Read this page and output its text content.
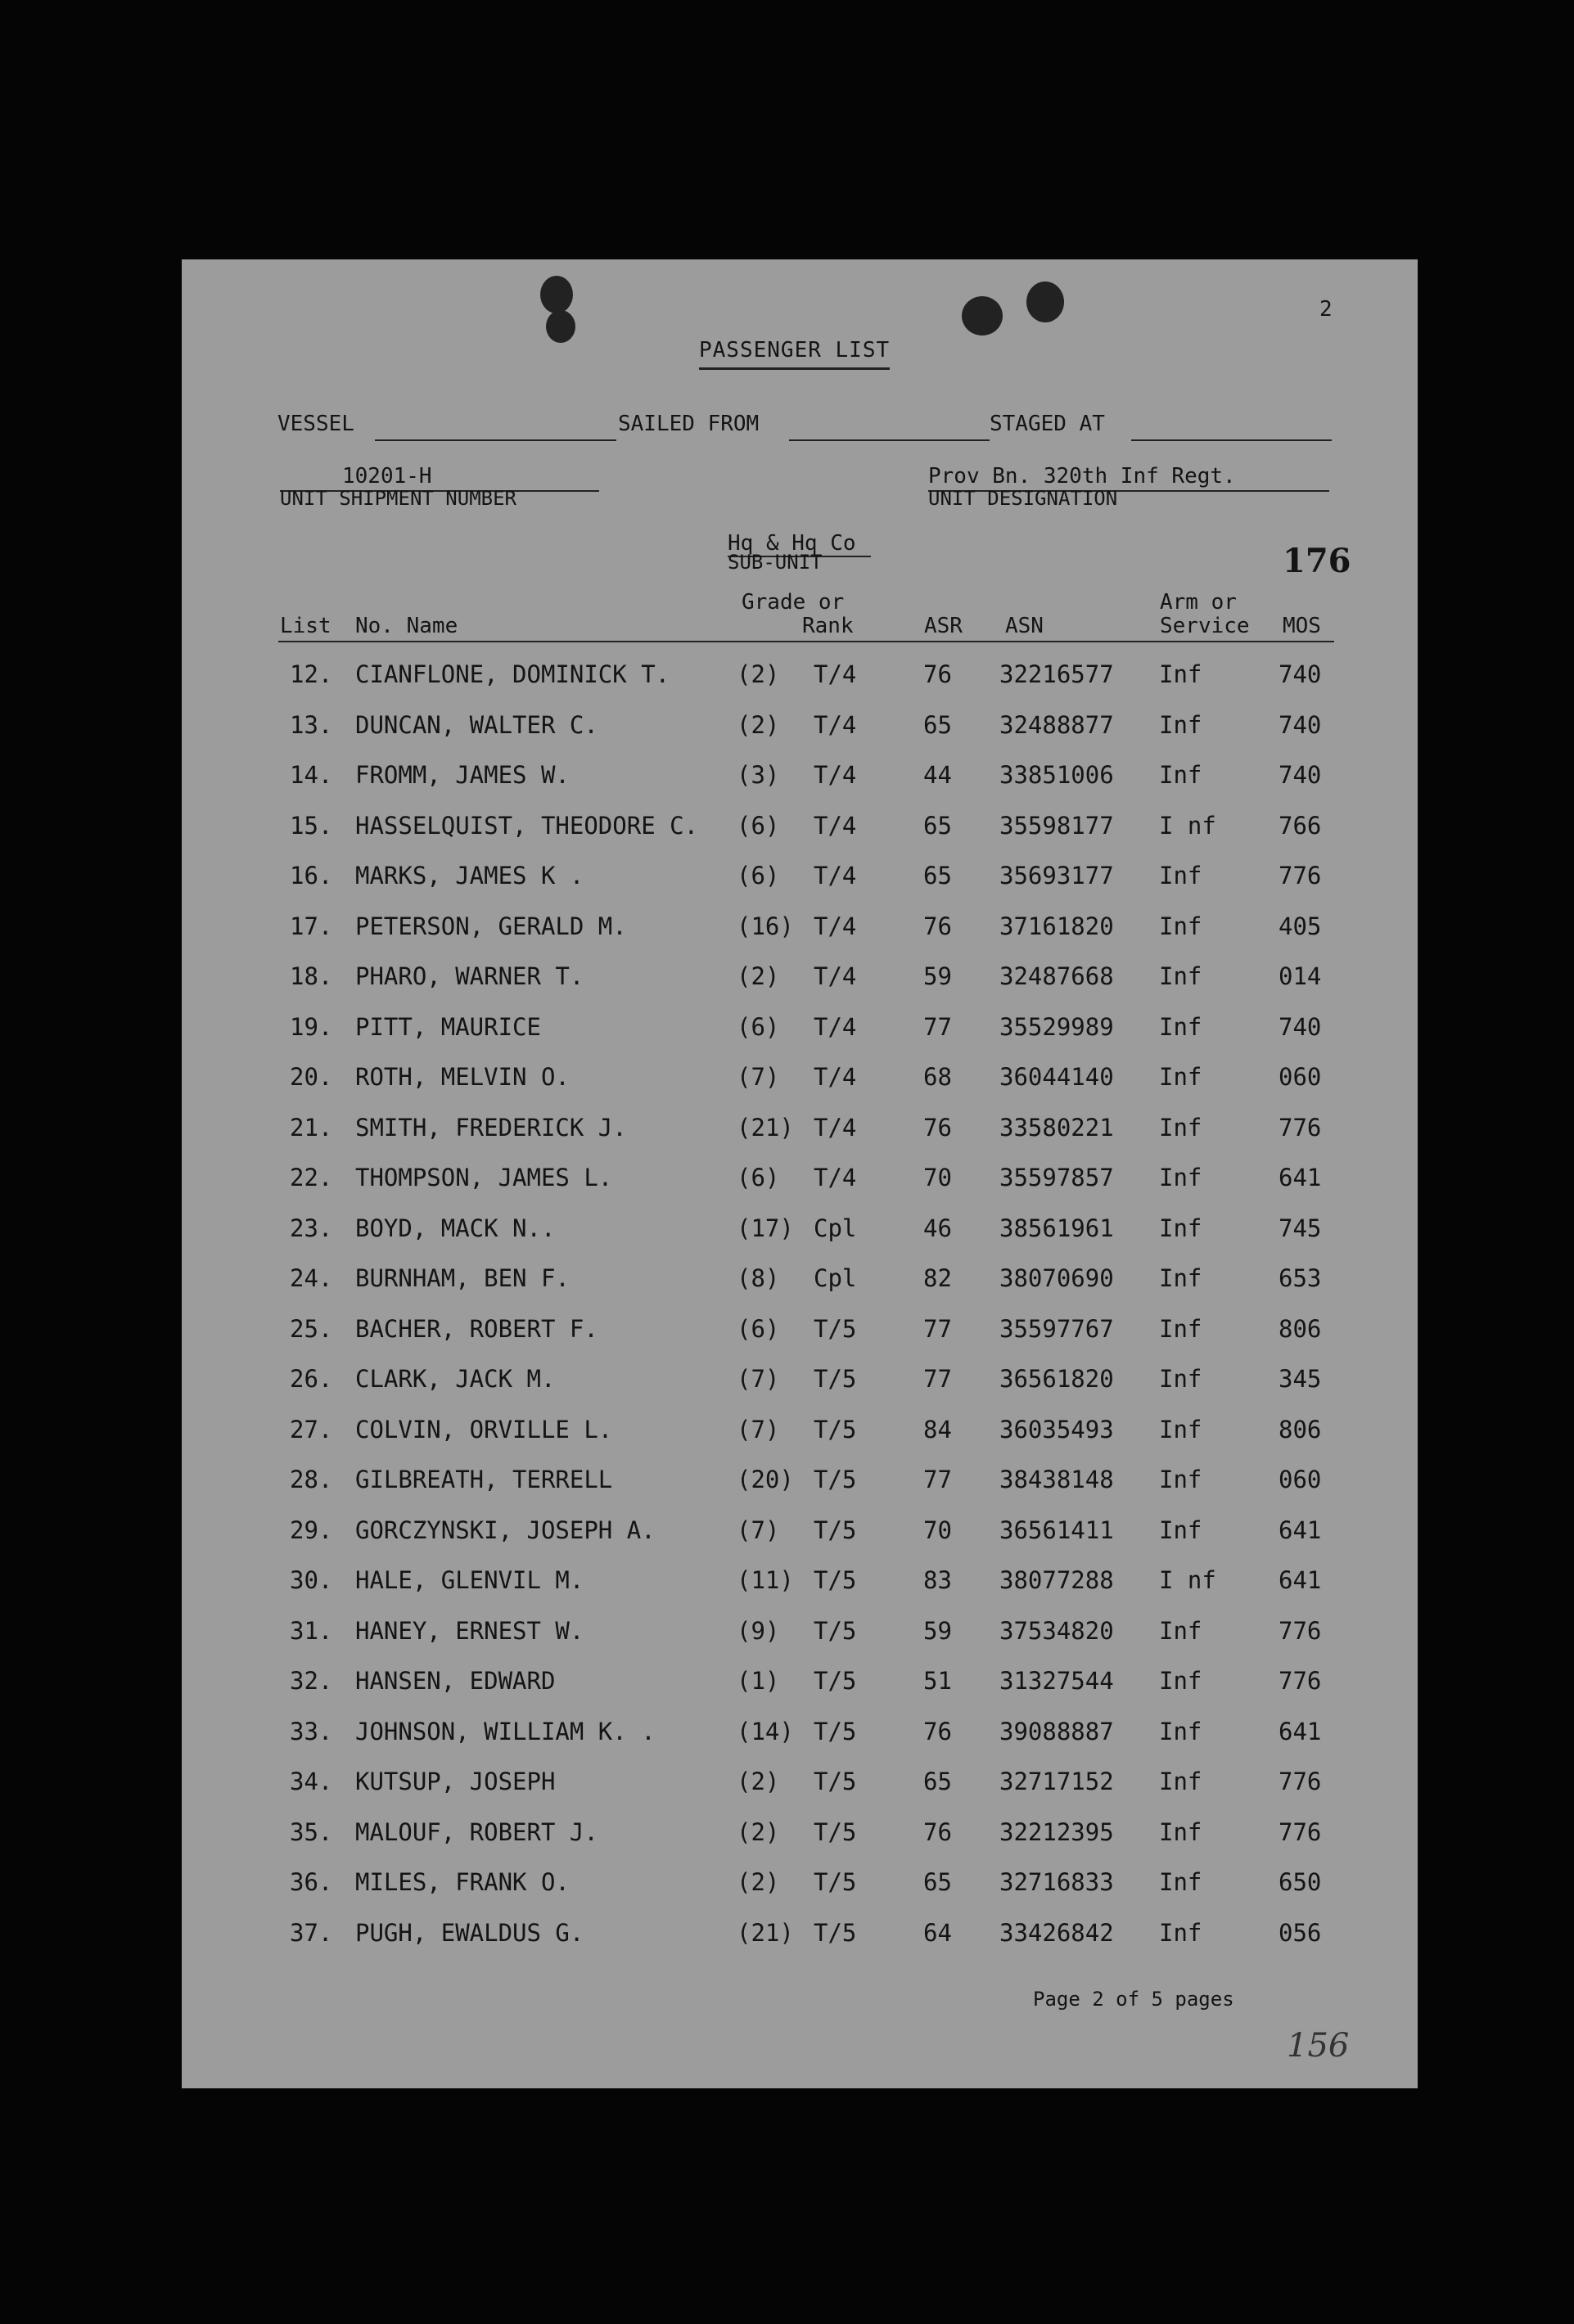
2
PASSENGER LIST
VESSEL	SAILED FROM	STAGED AT
10201-H
UNIT SHIPMENT NUMBER
Prov Bn. 320th Inf Regt.
UNIT DESIGNATION
Hq & Hq Co
SUB-UNIT	176
Grade or
Rank
Arm or
List No. Name	ASR ASN	Service MOS
12. CIANFLONE, DOMINICK T.	(2) T/4	76 32216577 Inf	740
13. DUNCAN, WALTER C.	(2) T/4	65 32488877 Inf	740
14. FROMM, JAMES W.	(3) T/4	44 33851006 Inf	740
15. HASSELQUIST, THEODORE C. (6) T/4	65 35598177 I nf	766
16. MARKS, JAMES K .	(6) T/4	65 35693177 Inf	776
17. PETERSON, GERALD M.	(16) T/4	76 37161820 Inf	405
18. PHARO, WARNER T.	(2) T/4	59 32487668 Inf	014
19. PITT, MAURICE	(6) T/4	77 35529989 Inf	740
20. ROTH, MELVIN O.	(7) T/4	68 36044140 Inf	060
21. SMITH, FREDERICK J.	(21) T/4	76 33580221 Inf	776
22. THOMPSON, JAMES L.	(6) T/4	70 35597857 Inf	641
23. BOYD, MACK N..	(17) Cpl	46 38561961 Inf	745
24. BURNHAM, BEN F.	(8) Cpl	82 38070690 Inf	653
25. BACHER, ROBERT F.	(6) T/5	77 35597767 Inf	806
26. CLARK, JACK M.	(7) T/5	77 36561820 Inf	345
27. COLVIN, ORVILLE L.	(7) T/5	84 36035493 Inf	806
28. GILBREATH, TERRELL	(20) T/5	77 38438148 Inf	060
29. GORCZYNSKI, JOSEPH A.	(7) T/5	70 36561411 Inf	641
30. HALE, GLENVIL M.	(11) T/5	83 38077288 I nf	641
31. HANEY, ERNEST W.	(9) T/5	59 37534820 Inf	776
32. HANSEN, EDWARD	(1) T/5	51 31327544 Inf	776
33. JOHNSON, WILLIAM K. .	(14) T/5	76 39088887 Inf	641
34. KUTSUP, JOSEPH	(2) T/5	65 32717152 Inf	776
35. MALOUF, ROBERT J.	(2) T/5	76 32212395 Inf	776
36. MILES, FRANK O.	(2) T/5	65 32716833 Inf	650
37. PUGH, EWALDUS G.	(21) T/5	64 33426842 Inf	056
Page 2 of 5 pages
156
